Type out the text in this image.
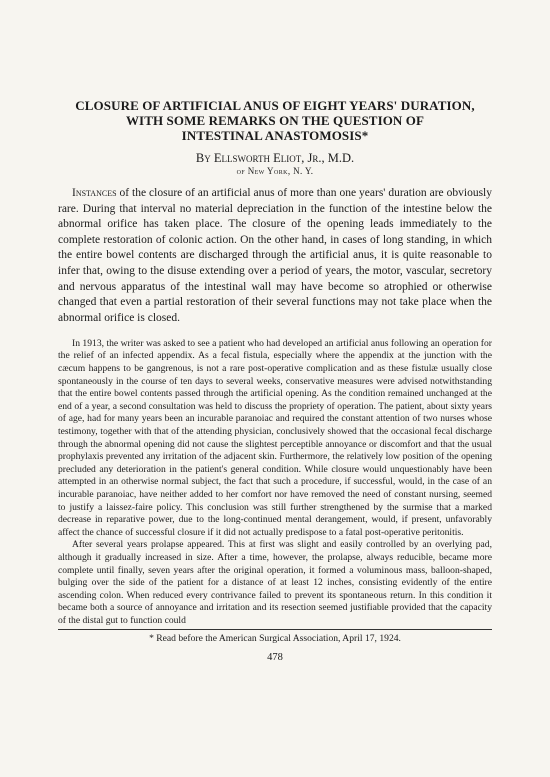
CLOSURE OF ARTIFICIAL ANUS OF EIGHT YEARS' DURATION,
WITH SOME REMARKS ON THE QUESTION OF
INTESTINAL ANASTOMOSIS*
By Ellsworth Eliot, Jr., M.D.
of New York, N. Y.

Instances of the closure of an artificial anus of more than one years' duration are obviously rare. During that interval no material depreciation in the function of the intestine below the abnormal orifice has taken place. The closure of the opening leads immediately to the complete restoration of colonic action. On the other hand, in cases of long standing, in which the entire bowel contents are discharged through the artificial anus, it is quite reasonable to infer that, owing to the disuse extending over a period of years, the motor, vascular, secretory and nervous apparatus of the intestinal wall may have become so atrophied or otherwise changed that even a partial restoration of their several functions may not take place when the abnormal orifice is closed.

In 1913, the writer was asked to see a patient who had developed an artificial anus following an operation for the relief of an infected appendix. As a fecal fistula, especially where the appendix at the junction with the cæcum happens to be gangrenous, is not a rare post-operative complication and as these fistulæ usually close spontaneously in the course of ten days to several weeks, conservative measures were advised notwithstanding that the entire bowel contents passed through the artificial opening. As the condition remained unchanged at the end of a year, a second consultation was held to discuss the propriety of operation. The patient, about sixty years of age, had for many years been an incurable paranoiac and required the constant attention of two nurses whose testimony, together with that of the attending physician, conclusively showed that the occasional fecal discharge through the abnormal opening did not cause the slightest perceptible annoyance or discomfort and that the usual prophylaxis prevented any irritation of the adjacent skin. Furthermore, the relatively low position of the opening precluded any deterioration in the patient's general condition. While closure would unquestionably have been attempted in an otherwise normal subject, the fact that such a procedure, if successful, would, in the case of an incurable paranoiac, have neither added to her comfort nor have removed the need of constant nursing, seemed to justify a laissez-faire policy. This conclusion was still further strengthened by the surmise that a marked decrease in reparative power, due to the long-continued mental derangement, would, if present, unfavorably affect the chance of successful closure if it did not actually predispose to a fatal post-operative peritonitis.

After several years prolapse appeared. This at first was slight and easily controlled by an overlying pad, although it gradually increased in size. After a time, however, the prolapse, always reducible, became more complete until finally, seven years after the original operation, it formed a voluminous mass, balloon-shaped, bulging over the side of the patient for a distance of at least 12 inches, consisting evidently of the entire ascending colon. When reduced every contrivance failed to prevent its spontaneous return. In this condition it became both a source of annoyance and irritation and its resection seemed justifiable provided that the capacity of the distal gut to function could

* Read before the American Surgical Association, April 17, 1924.
478
